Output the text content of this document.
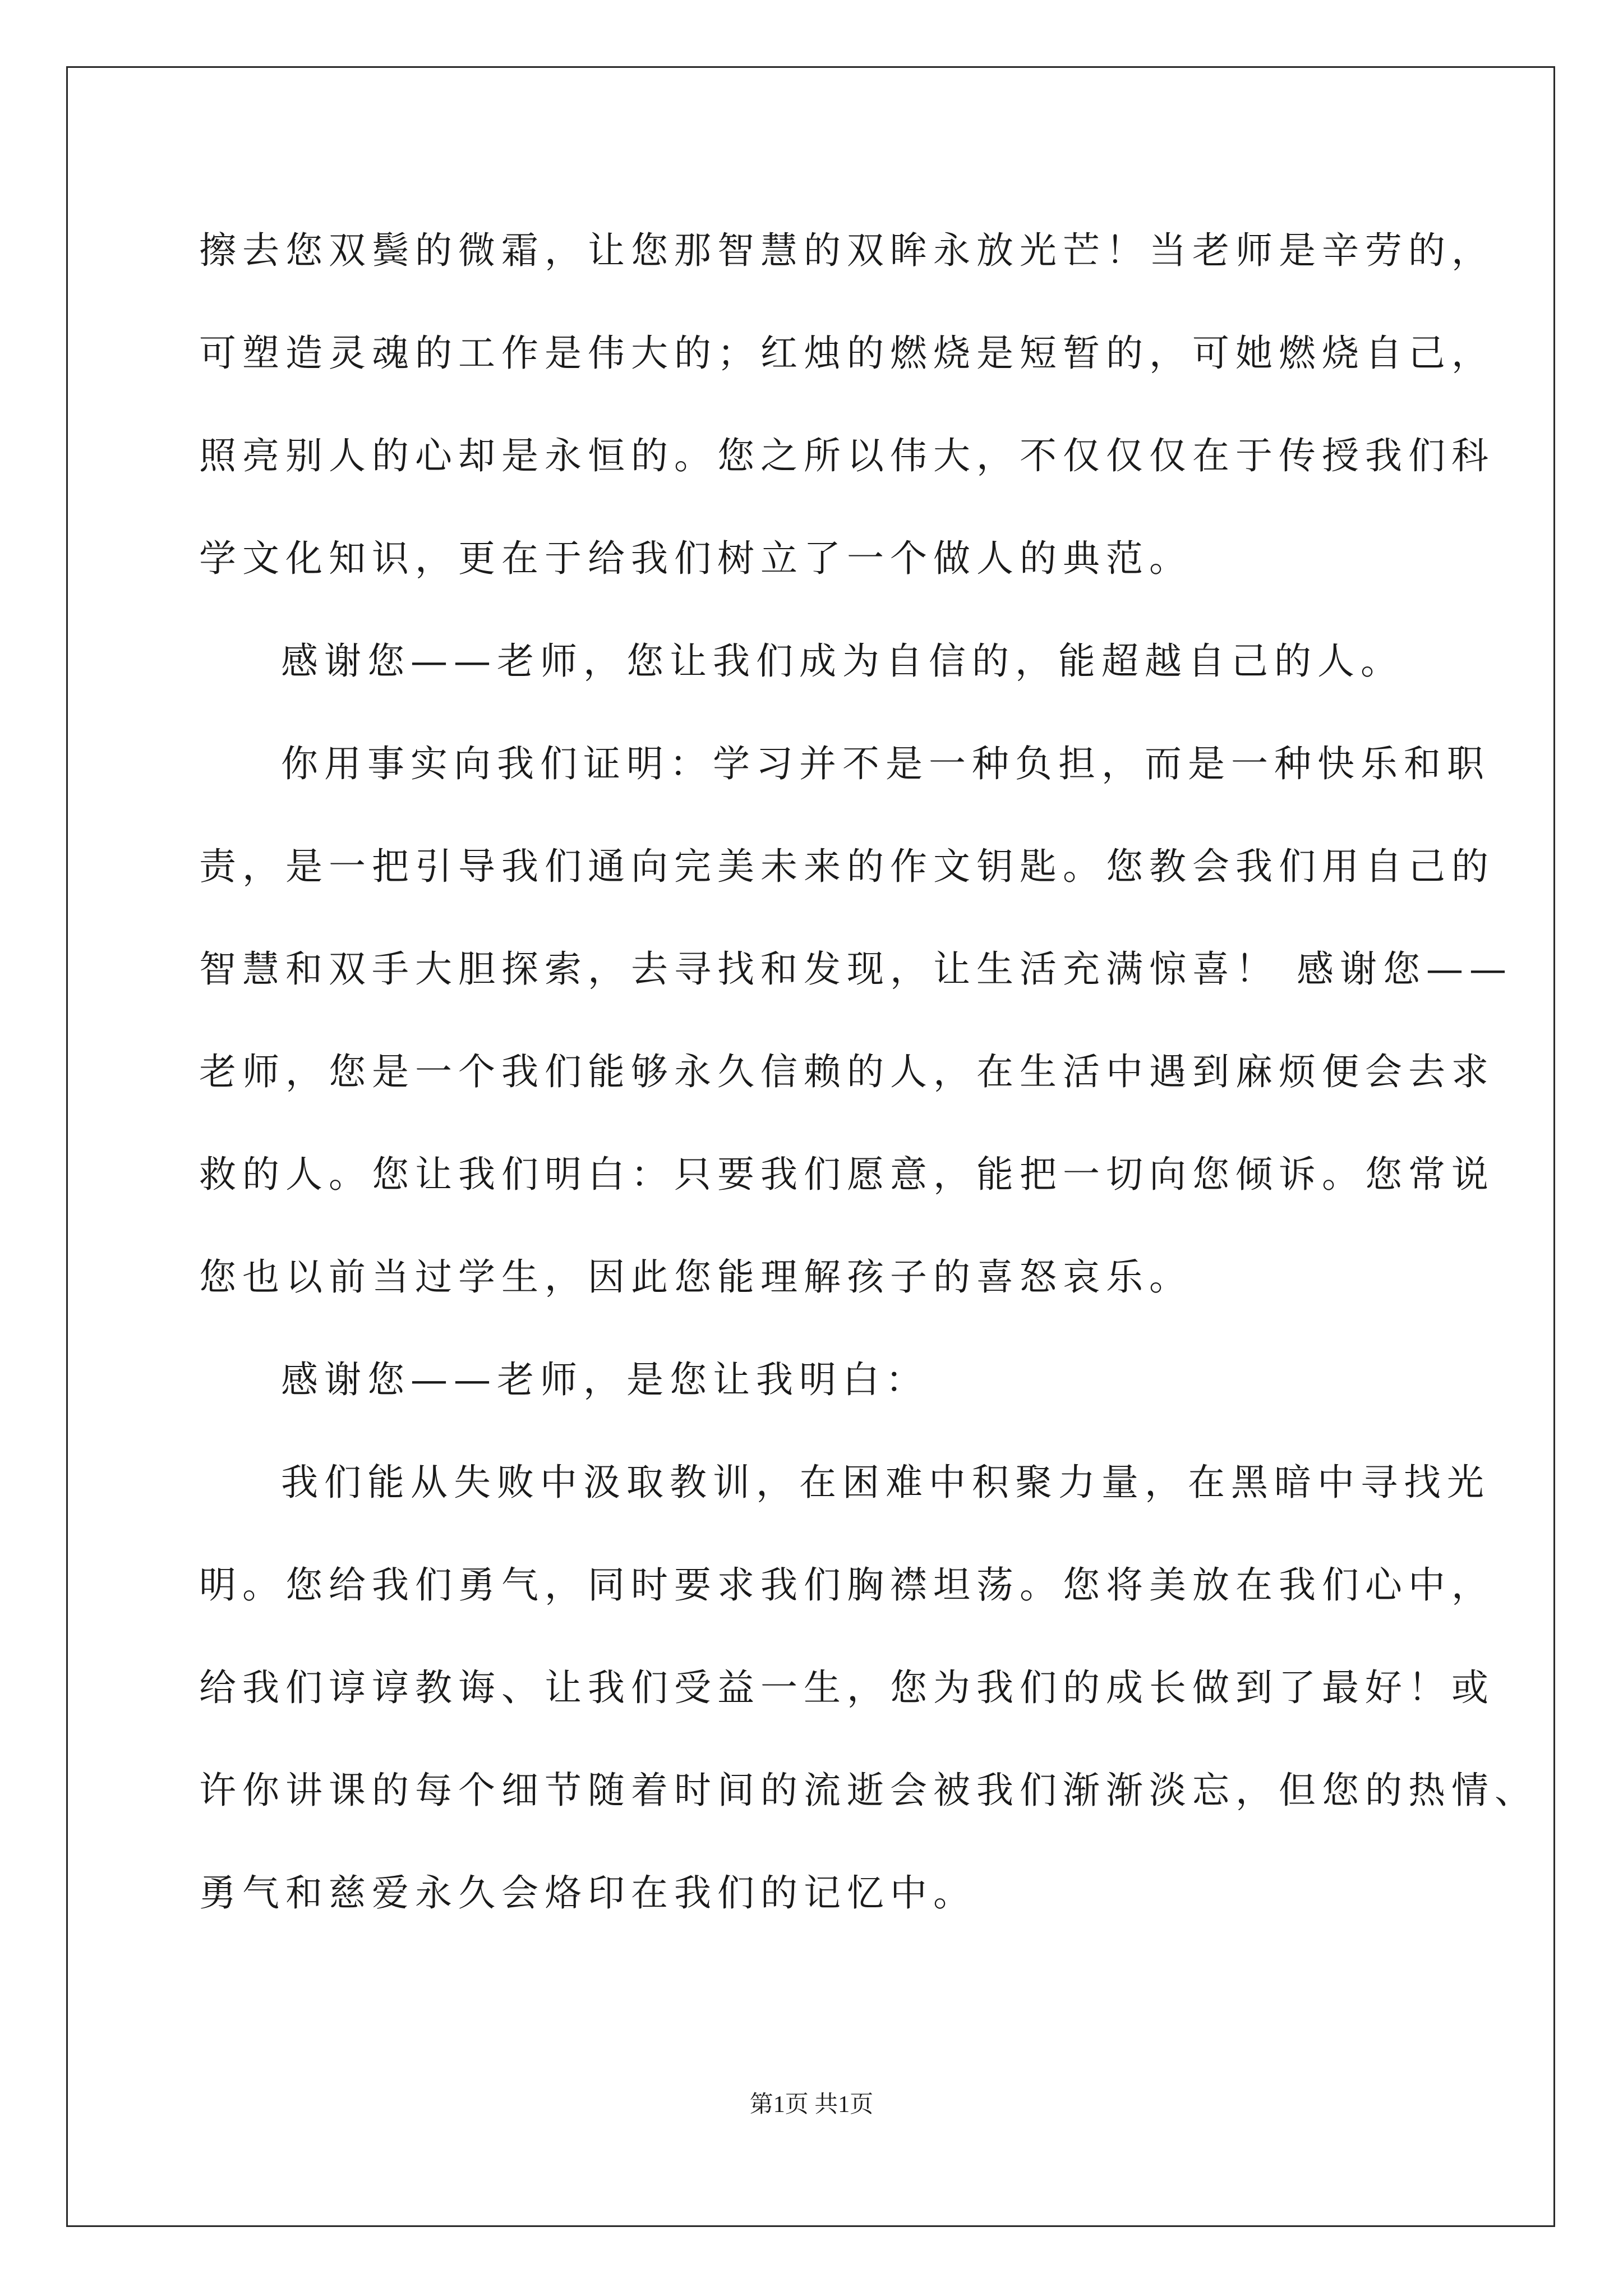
擦去您双鬓的微霜，让您那智慧的双眸永放光芒！当老师是辛劳的，
可塑造灵魂的工作是伟大的；红烛的燃烧是短暂的，可她燃烧自己，
照亮别人的心却是永恒的。您之所以伟大，不仅仅仅在于传授我们科
学文化知识，更在于给我们树立了一个做人的典范。
感谢您——老师，您让我们成为自信的，能超越自己的人。
你用事实向我们证明：学习并不是一种负担，而是一种快乐和职
责，是一把引导我们通向完美未来的作文钥匙。您教会我们用自己的
智慧和双手大胆探索，去寻找和发现，让生活充满惊喜！ 感谢您——
老师，您是一个我们能够永久信赖的人，在生活中遇到麻烦便会去求
救的人。您让我们明白：只要我们愿意，能把一切向您倾诉。您常说
您也以前当过学生，因此您能理解孩子的喜怒哀乐。
感谢您——老师，是您让我明白：
我们能从失败中汲取教训，在困难中积聚力量，在黑暗中寻找光
明。您给我们勇气，同时要求我们胸襟坦荡。您将美放在我们心中，
给我们谆谆教诲、让我们受益一生，您为我们的成长做到了最好！或
许你讲课的每个细节随着时间的流逝会被我们渐渐淡忘，但您的热情、
勇气和慈爱永久会烙印在我们的记忆中。
第1页 共1页
